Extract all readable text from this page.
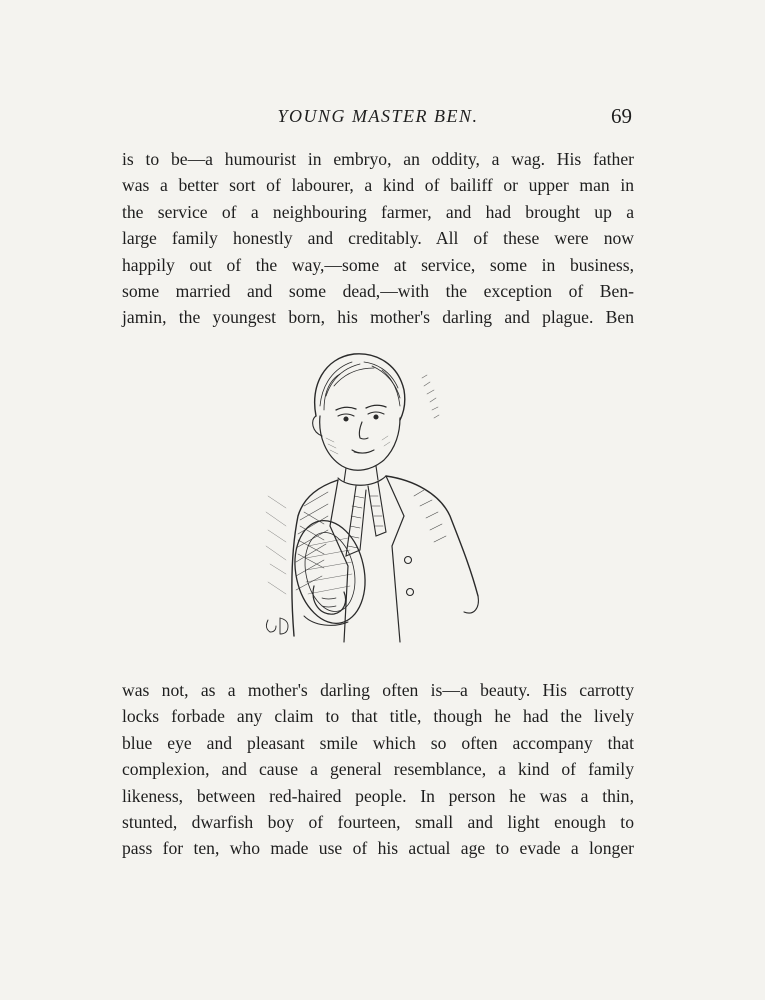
YOUNG MASTER BEN.	69
is to be—a humourist in embryo, an oddity, a wag. His father
was a better sort of labourer, a kind of bailiff or upper man in
the service of a neighbouring farmer, and had brought up a
large family honestly and creditably. All of these were now
happily out of the way,—some at service, some in business,
some married and some dead,—with the exception of Ben-
jamin, the youngest born, his mother's darling and plague. Ben
was not, as a mother's darling often is—a beauty. His carrotty
locks forbade any claim to that title, though he had the lively
blue eye and pleasant smile which so often accompany that
complexion, and cause a general resemblance, a kind of family
likeness, between red-haired people. In person he was a thin,
stunted, dwarfish boy of fourteen, small and light enough to
pass for ten, who made use of his actual age to evade a longer
